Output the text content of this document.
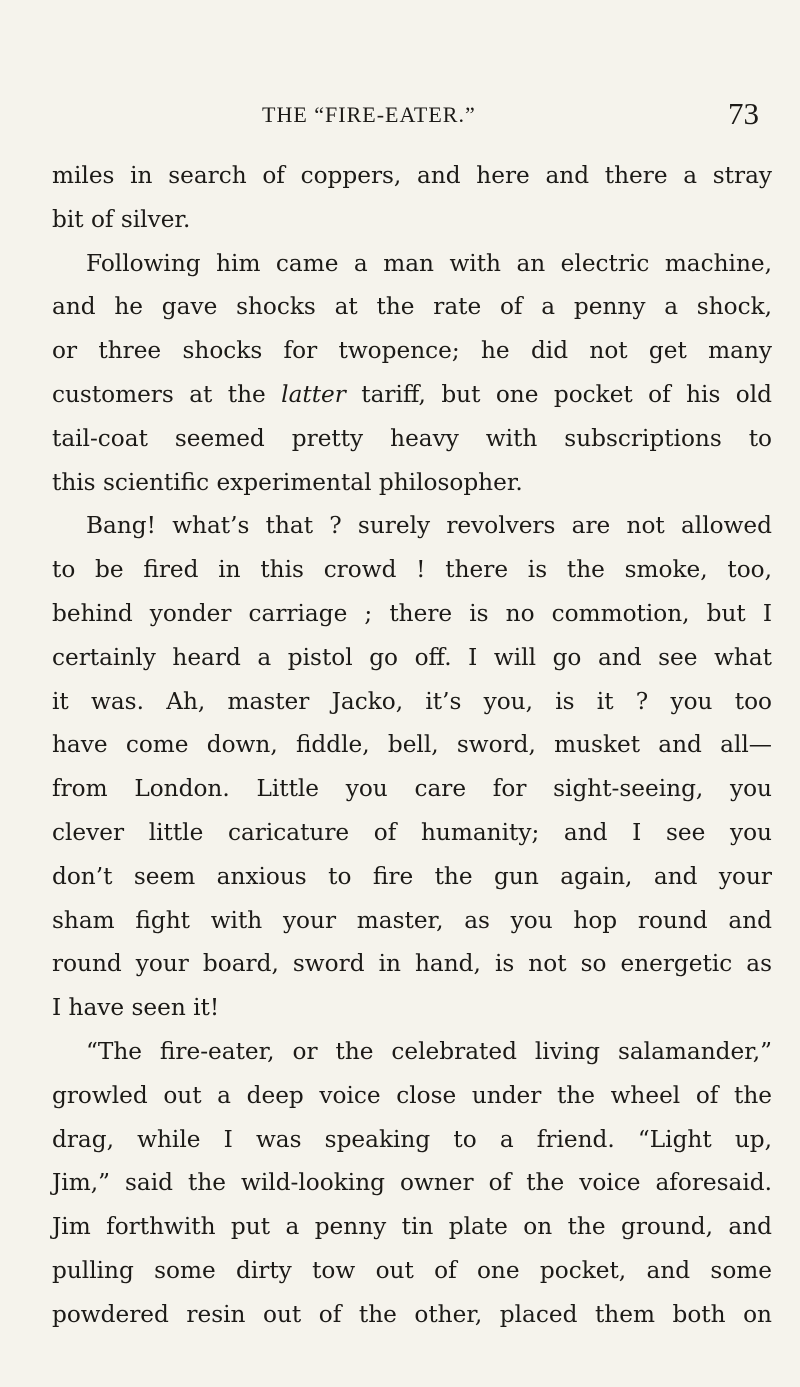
THE “FIRE-EATER.”	73
miles in search of coppers, and here and there a stray
bit of silver.
Following him came a man with an electric machine,
and he gave shocks at the rate of a penny a shock,
or three shocks for twopence; he did not get many
customers at the latter tariff, but one pocket of his old
tail-coat seemed pretty heavy with subscriptions to
this scientific experimental philosopher.
Bang! what’s that ? surely revolvers are not allowed
to be fired in this crowd ! there is the smoke, too,
behind yonder carriage ; there is no commotion, but I
certainly heard a pistol go off. I will go and see what
it was. Ah, master Jacko, it’s you, is it ? you too
have come down, fiddle, bell, sword, musket and all—
from London. Little you care for sight-seeing, you
clever little caricature of humanity; and I see you
don’t seem anxious to fire the gun again, and your
sham fight with your master, as you hop round and
round your board, sword in hand, is not so energetic as
I have seen it!
“The fire-eater, or the celebrated living salamander,”
growled out a deep voice close under the wheel of the
drag, while I was speaking to a friend. “Light up,
Jim,” said the wild-looking owner of the voice aforesaid.
Jim forthwith put a penny tin plate on the ground, and
pulling some dirty tow out of one pocket, and some
powdered resin out of the other, placed them both on
